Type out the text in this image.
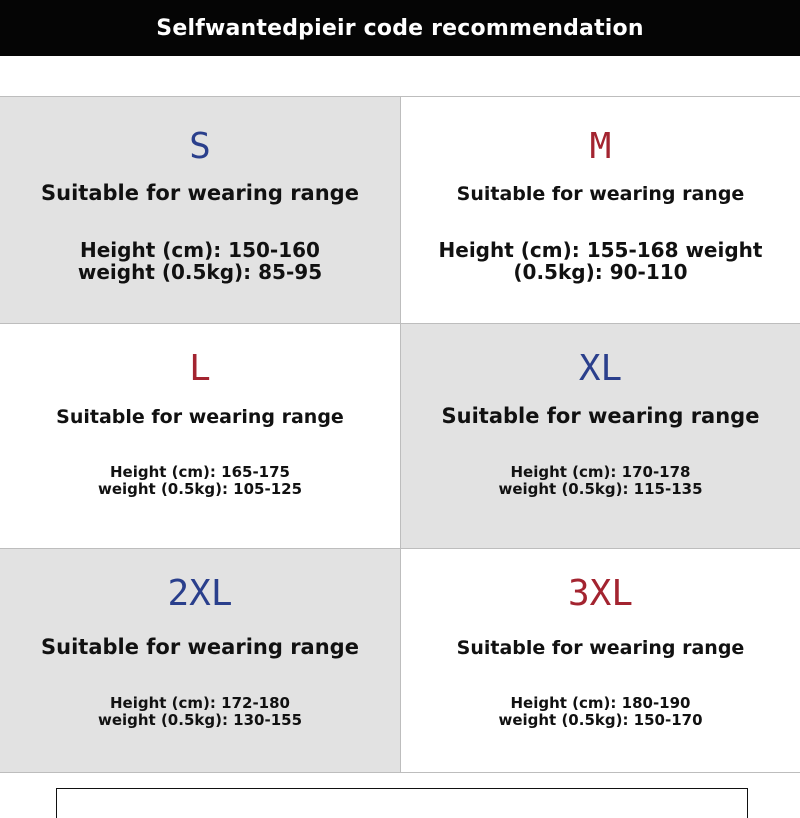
Selfwantedpieir code recommendation
S
Suitable for wearing range
Height (cm): 150-160
weight (0.5kg): 85-95
M
Suitable for wearing range
Height (cm): 155-168 weight
(0.5kg): 90-110
L
Suitable for wearing range
Height (cm): 165-175
weight (0.5kg): 105-125
XL
Suitable for wearing range
Height (cm): 170-178
weight (0.5kg): 115-135
2XL
Suitable for wearing range
Height (cm): 172-180
weight (0.5kg): 130-155
3XL
Suitable for wearing range
Height (cm): 180-190
weight (0.5kg): 150-170
